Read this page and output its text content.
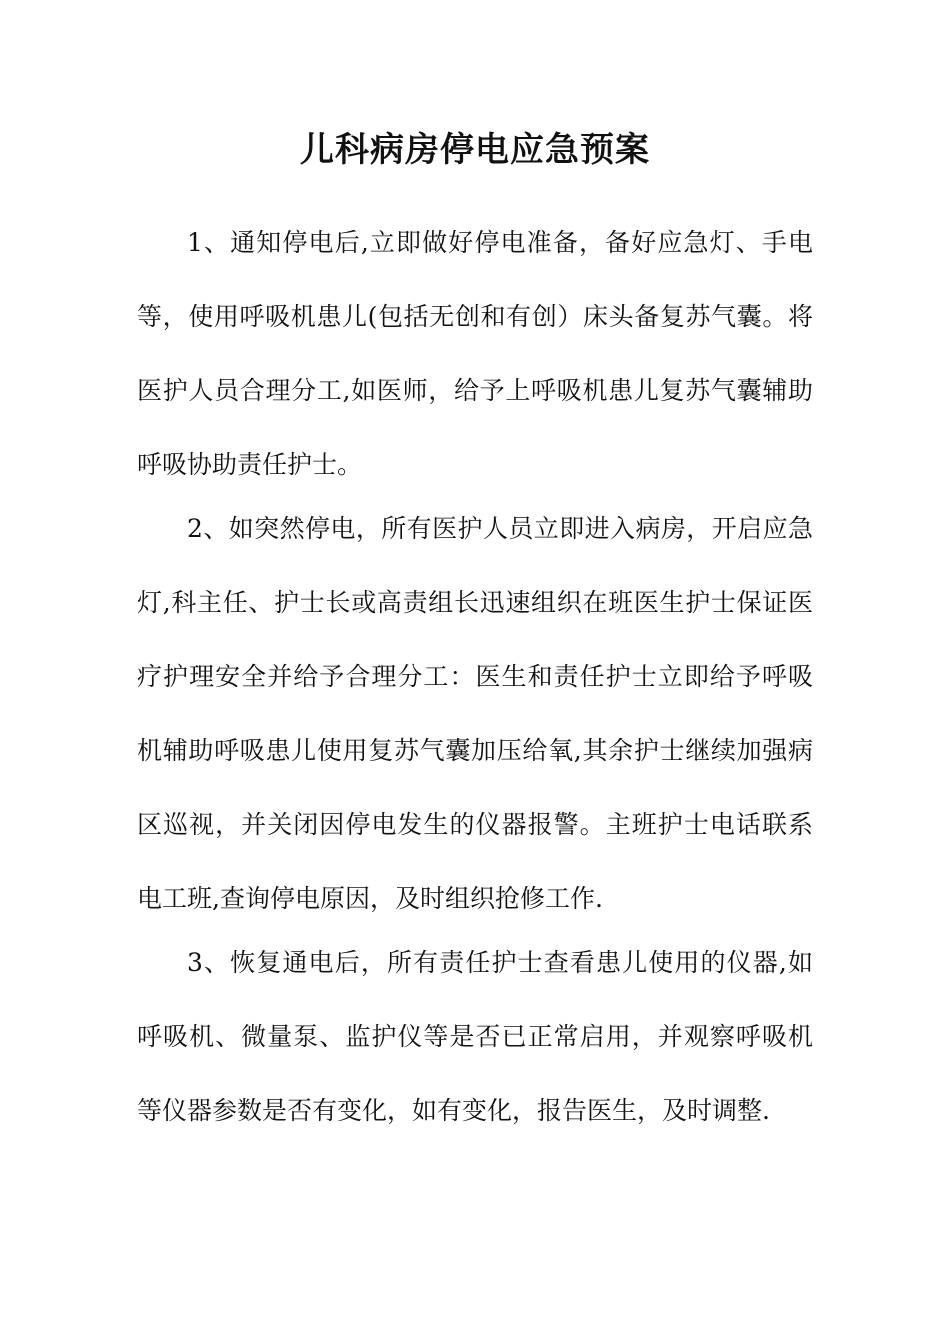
儿科病房停电应急预案

1、通知停电后,立即做好停电准备，备好应急灯、手电

等，使用呼吸机患儿(包括无创和有创）床头备复苏气囊。将

医护人员合理分工,如医师，给予上呼吸机患儿复苏气囊辅助

呼吸协助责任护士。

2、如突然停电，所有医护人员立即进入病房，开启应急

灯,科主任、护士长或高责组长迅速组织在班医生护士保证医

疗护理安全并给予合理分工：医生和责任护士立即给予呼吸

机辅助呼吸患儿使用复苏气囊加压给氧,其余护士继续加强病

区巡视，并关闭因停电发生的仪器报警。主班护士电话联系

电工班,查询停电原因，及时组织抢修工作.

3、恢复通电后，所有责任护士查看患儿使用的仪器,如

呼吸机、微量泵、监护仪等是否已正常启用，并观察呼吸机

等仪器参数是否有变化，如有变化，报告医生，及时调整.
